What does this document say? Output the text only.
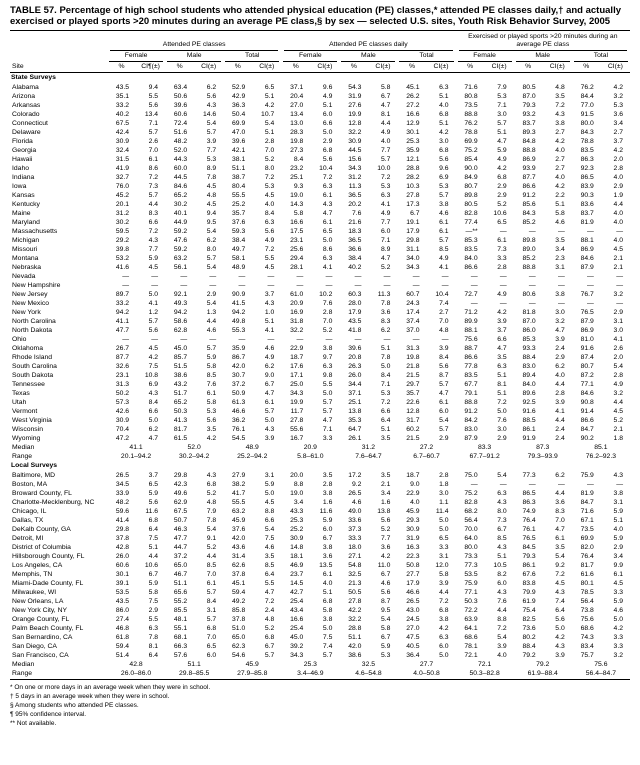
TABLE 57. Percentage of high school students who attended physical education (PE) classes,* attended PE classes daily,† and actually exercised or played sports >20 minutes during an average PE class,§ by sex — selected U.S. sites, Youth Risk Behavior Survey, 2005

	Attended PE classes						Attended PE classes daily						Exercised or played sports >20 minutes during an average PE class					

	Female		Male		Total		Female		Male		Total		Female		Male		Total	

Site	%	CI¶(±)	%	CI(±)	%	CI(±)	%	CI(±)	%	CI(±)	%	CI(±)	%	CI(±)	%	CI(±)	%	CI(±)
State Surveys																		
Alabama	43.5	9.4	63.4	6.2	52.9	6.5	37.1	9.6	54.3	5.8	45.1	6.3	71.6	7.9	80.5	4.8	76.2	4.2
Arizona	35.1	5.5	50.6	5.6	42.9	5.1	20.4	4.9	31.9	6.7	26.2	5.1	80.8	5.3	87.0	3.5	84.4	3.2
Arkansas	33.2	5.6	39.6	4.3	36.3	4.2	27.0	5.1	27.6	4.7	27.2	4.0	73.5	7.1	79.3	7.2	77.0	5.3
Colorado	40.2	13.4	60.6	14.6	50.4	10.7	13.4	6.0	19.9	8.1	16.6	6.8	88.8	3.0	93.2	4.3	91.5	3.6
Connecticut	67.5	7.1	72.4	5.4	69.9	5.4	13.0	6.6	12.8	4.4	12.9	5.1	76.2	5.7	83.7	3.8	80.0	3.4
Delaware	42.4	5.7	51.6	5.7	47.0	5.1	28.3	5.0	32.2	4.9	30.1	4.2	78.8	5.1	89.3	2.7	84.3	2.7
Florida	30.9	2.6	48.2	3.9	39.6	2.8	19.8	2.9	30.9	4.0	25.3	3.0	69.9	4.7	84.8	4.2	78.8	3.7
Georgia	32.4	7.0	52.0	7.7	42.1	7.0	27.3	6.8	44.5	7.7	35.9	6.8	75.2	5.9	88.8	4.0	83.5	4.2
Hawaii	31.5	6.1	44.3	5.3	38.1	5.2	8.4	5.6	15.6	5.7	12.1	5.6	85.4	4.9	86.9	2.7	86.3	2.0
Idaho	41.9	8.6	60.0	8.9	51.1	8.0	23.2	10.4	34.3	10.0	28.8	9.6	90.0	4.2	93.9	2.7	92.3	2.8
Indiana	32.7	7.2	44.5	7.8	38.7	7.2	25.1	7.2	31.2	7.2	28.2	6.9	84.9	6.8	87.7	4.0	86.5	4.0
Iowa	76.0	7.3	84.6	4.5	80.4	5.3	9.3	6.3	11.3	5.3	10.3	5.3	80.7	2.9	86.6	4.2	83.9	2.9
Kansas	45.2	5.7	65.2	4.8	55.5	4.5	19.0	6.1	36.5	6.3	27.8	5.7	89.8	2.9	91.2	2.2	90.3	1.9
Kentucky	20.1	4.4	30.2	4.5	25.2	4.0	14.3	4.3	20.2	4.1	17.3	3.8	80.5	5.2	85.6	5.1	83.6	4.4
Maine	31.2	8.3	40.1	9.4	35.7	8.4	5.8	4.7	7.6	4.9	6.7	4.6	82.8	10.6	84.3	5.8	83.7	4.0
Maryland	30.2	6.6	44.9	9.5	37.6	6.3	16.6	6.1	21.6	7.7	19.1	6.1	77.4	6.5	85.2	4.6	81.9	4.0
Massachusetts	59.5	7.2	59.2	5.4	59.3	5.6	17.5	6.5	18.3	6.0	17.9	6.1	—**	—	—	—	—	—
Michigan	29.2	4.3	47.6	6.2	38.4	4.9	23.1	5.0	36.5	7.1	29.8	5.7	85.3	6.1	89.8	3.5	88.1	4.0
Missouri	39.8	7.7	59.2	8.0	49.7	7.2	25.6	8.6	36.6	8.9	31.1	8.5	83.5	7.3	89.0	3.4	86.9	4.5
Montana	53.2	5.9	63.2	5.7	58.1	5.5	29.4	6.3	38.4	4.7	34.0	4.9	84.0	3.3	85.2	2.3	84.6	2.1
Nebraska	41.6	4.5	56.1	5.4	48.9	4.5	28.1	4.1	40.2	5.2	34.3	4.1	86.6	2.8	88.8	3.1	87.9	2.1
Nevada	—	—	—	—	—	—	—	—	—	—	—	—	—	—	—	—	—	—
New Hampshire	—	—	—	—	—	—	—	—	—	—	—	—	—	—	—	—	—	—
New Jersey	89.7	5.0	92.1	2.9	90.9	3.7	61.0	10.2	60.3	11.3	60.7	10.4	72.7	4.9	80.6	3.8	76.7	3.2
New Mexico	33.2	4.1	49.3	5.4	41.5	4.3	20.9	7.6	28.0	7.8	24.3	7.4	—	—	—	—	—	—
New York	94.2	1.2	94.2	1.3	94.2	1.0	16.9	2.8	17.9	3.6	17.4	2.7	71.2	4.2	81.8	3.0	76.5	2.9
North Carolina	41.1	5.7	58.6	4.4	49.8	5.1	31.8	7.0	43.5	8.3	37.4	7.0	89.9	3.9	87.0	3.2	87.9	3.1
North Dakota	47.7	5.6	62.8	4.6	55.3	4.1	32.2	5.2	41.8	6.2	37.0	4.8	88.1	3.7	86.0	4.7	86.9	3.0
Ohio	—	—	—	—	—	—	—	—	—	—	—	—	75.6	6.6	85.3	3.9	81.0	4.1
Oklahoma	26.7	4.5	45.0	5.7	35.9	4.6	22.9	3.8	39.6	5.1	31.3	3.9	88.7	4.7	93.3	2.4	91.6	2.6
Rhode Island	87.7	4.2	85.7	5.9	86.7	4.9	18.7	9.7	20.8	7.8	19.8	8.4	86.6	3.5	88.4	2.9	87.4	2.0
South Carolina	32.6	7.5	51.5	5.8	42.0	6.2	17.6	6.3	26.3	5.0	21.8	5.6	77.8	6.3	83.0	6.2	80.7	5.4
South Dakota	23.1	10.8	38.6	8.5	30.7	9.0	17.1	9.8	26.0	8.4	21.5	8.7	83.5	5.1	89.4	4.0	87.2	2.8
Tennessee	31.3	6.9	43.2	7.6	37.2	6.7	25.0	5.5	34.4	7.1	29.7	5.7	67.7	8.1	84.0	4.4	77.1	4.9
Texas	50.2	4.3	51.7	6.1	50.9	4.7	34.3	5.0	37.1	5.3	35.7	4.7	79.1	5.1	89.6	2.8	84.6	3.2
Utah	57.3	8.4	65.2	5.8	61.3	6.1	19.9	5.7	25.1	7.2	22.6	6.1	88.8	7.2	92.5	3.9	90.8	4.4
Vermont	42.6	6.6	50.3	5.3	46.6	5.7	11.7	5.7	13.8	6.6	12.8	6.0	91.2	5.0	91.6	4.1	91.4	4.5
West Virginia	30.9	5.0	41.3	5.6	36.2	5.0	27.8	4.7	35.3	6.4	31.7	5.4	84.2	7.6	88.5	4.4	86.6	5.2
Wisconsin	70.4	6.2	81.7	3.5	76.1	4.3	55.6	7.1	64.7	5.1	60.2	5.7	83.0	3.0	86.1	2.4	84.7	2.1
Wyoming	47.2	4.7	61.5	4.2	54.5	3.9	16.7	3.3	26.1	3.5	21.5	2.9	87.9	2.9	91.9	2.4	90.2	1.8
Median	41.1		52.0		48.9		20.9		31.2		27.2		83.3		87.3		85.1	
Range	20.1–94.2		30.2–94.2		25.2–94.2		5.8–61.0		7.6–64.7		6.7–60.7		67.7–91.2		79.3–93.9		76.2–92.3	
Local Surveys																		
Baltimore, MD	26.5	3.7	29.8	4.3	27.9	3.1	20.0	3.5	17.2	3.5	18.7	2.8	75.0	5.4	77.3	6.2	75.9	4.3
Boston, MA	34.5	6.5	42.3	6.8	38.2	5.9	8.8	2.8	9.2	2.1	9.0	1.8	—	—	—	—	—	—
Broward County, FL	33.9	5.9	49.6	5.2	41.7	5.0	19.0	3.8	26.5	3.4	22.9	3.0	75.2	6.3	86.5	4.4	81.9	3.8
Charlotte-Mecklenburg, NC	48.2	5.6	62.9	4.8	55.5	4.5	3.4	1.6	4.6	1.6	4.0	1.1	82.8	4.3	86.3	3.6	84.7	3.1
Chicago, IL	59.6	11.6	67.5	7.9	63.2	8.8	43.3	11.6	49.0	13.8	45.9	11.4	68.2	8.0	74.9	8.3	71.6	5.9
Dallas, TX	41.4	6.8	50.7	7.8	45.9	6.6	25.3	5.9	33.6	5.6	29.3	5.0	56.4	7.3	76.4	7.0	67.1	5.1
DeKalb County, GA	29.8	6.4	46.3	5.4	37.6	5.4	25.2	6.0	37.3	5.2	30.9	5.0	70.0	6.7	76.1	4.7	73.5	4.0
Detroit, MI	37.8	7.5	47.7	9.1	42.0	7.5	30.9	6.7	33.3	7.7	31.9	6.5	64.0	8.5	76.5	6.1	69.9	5.9
District of Columbia	42.8	5.1	44.7	5.2	43.6	4.6	14.8	3.8	18.0	3.6	16.3	3.3	80.0	4.3	84.5	3.5	82.0	2.9
Hillsborough County, FL	26.0	4.4	37.2	4.4	31.4	3.5	18.1	3.6	27.1	4.2	22.3	3.1	73.3	5.1	79.3	5.4	76.4	3.4
Los Angeles, CA	60.6	10.6	65.0	8.5	62.6	8.5	46.9	13.5	54.8	11.0	50.8	12.0	77.3	10.5	86.1	9.2	81.7	9.9
Memphis, TN	30.1	6.7	46.7	7.0	37.8	6.4	23.7	6.1	32.5	6.7	27.7	5.8	53.5	8.2	67.6	7.2	61.6	6.1
Miami-Dade County, FL	39.1	5.9	51.1	6.1	45.1	5.5	14.5	4.0	21.3	4.6	17.9	3.9	75.9	6.0	83.8	4.5	80.1	4.5
Milwaukee, WI	53.5	5.8	65.6	5.7	59.4	4.7	42.7	5.1	50.5	5.6	46.6	4.4	77.1	4.3	79.9	4.3	78.5	3.3
New Orleans, LA	43.5	7.5	55.2	8.4	49.2	7.2	25.4	6.8	27.8	8.7	26.5	7.2	50.3	7.6	61.9	7.4	56.4	5.9
New York City, NY	86.0	2.9	85.5	3.1	85.8	2.4	43.4	5.8	42.2	9.5	43.0	6.8	72.2	4.4	75.4	6.4	73.8	4.6
Orange County, FL	27.4	5.5	48.1	5.7	37.8	4.8	16.6	3.8	32.2	5.4	24.5	3.8	63.9	8.8	82.5	5.6	75.6	5.0
Palm Beach County, FL	46.8	6.3	55.1	6.8	51.0	5.2	25.4	5.0	28.8	5.8	27.0	4.2	64.1	7.2	73.6	5.0	68.6	4.2
San Bernardino, CA	61.8	7.8	68.1	7.0	65.0	6.8	45.0	7.5	51.1	6.7	47.5	6.3	68.6	5.4	80.2	4.2	74.3	3.3
San Diego, CA	59.4	8.1	66.3	6.5	62.3	6.7	39.2	7.4	42.0	5.9	40.5	6.0	78.1	3.9	88.4	4.3	83.4	3.3
San Francisco, CA	51.4	6.4	57.6	6.0	54.6	5.7	34.3	5.7	38.6	5.3	36.4	5.0	72.1	4.0	79.2	3.9	75.7	3.2
Median	42.8		51.1		45.9		25.3		32.5		27.7		72.1		79.2		75.6	
Range	26.0–86.0		29.8–85.5		27.9–85.8		3.4–46.9		4.6–54.8		4.0–50.8		50.3–82.8		61.9–88.4		56.4–84.7	
* On one or more days in an average week when they were in school.
† 5 days in an average week when they were in school.
§ Among students who attended PE classes.
¶ 95% confidence interval.
** Not available.
